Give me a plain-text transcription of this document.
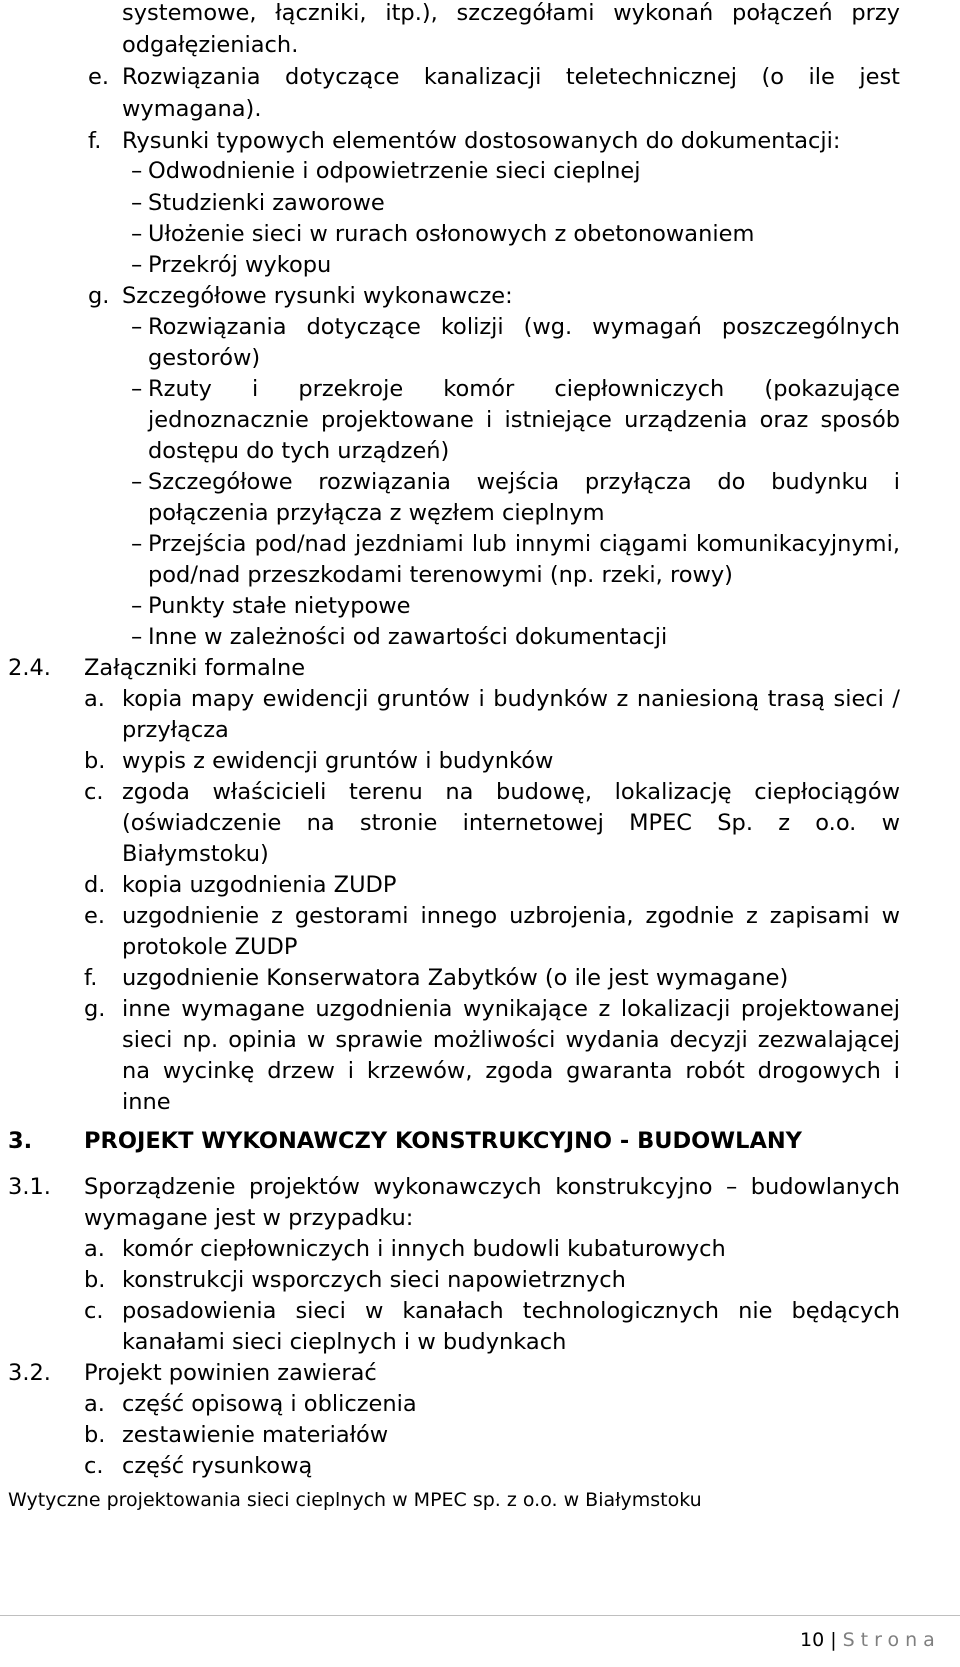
systemowe, łączniki, itp.), szczegółami wykonań połączeń przy
odgałęzieniach.
e. Rozwiązania dotyczące kanalizacji teletechnicznej (o ile jest
wymagana).
f. Rysunki typowych elementów dostosowanych do dokumentacji:
– Odwodnienie i odpowietrzenie sieci cieplnej
– Studzienki zaworowe
– Ułożenie sieci w rurach osłonowych z obetonowaniem
– Przekrój wykopu
g. Szczegółowe rysunki wykonawcze:
– Rozwiązania dotyczące kolizji (wg. wymagań poszczególnych
gestorów)
– Rzuty i przekroje komór ciepłowniczych (pokazujące
jednoznacznie projektowane i istniejące urządzenia oraz sposób
dostępu do tych urządzeń)
– Szczegółowe rozwiązania wejścia przyłącza do budynku i
połączenia przyłącza z węzłem cieplnym
– Przejścia pod/nad jezdniami lub innymi ciągami komunikacyjnymi,
pod/nad przeszkodami terenowymi (np. rzeki, rowy)
– Punkty stałe nietypowe
– Inne w zależności od zawartości dokumentacji
2.4. Załączniki formalne
a. kopia mapy ewidencji gruntów i budynków z naniesioną trasą sieci /
przyłącza
b. wypis z ewidencji gruntów i budynków
c. zgoda właścicieli terenu na budowę, lokalizację ciepłociągów
(oświadczenie na stronie internetowej MPEC Sp. z o.o. w
Białymstoku)
d. kopia uzgodnienia ZUDP
e. uzgodnienie z gestorami innego uzbrojenia, zgodnie z zapisami w
protokole ZUDP
f. uzgodnienie Konserwatora Zabytków (o ile jest wymagane)
g. inne wymagane uzgodnienia wynikające z lokalizacji projektowanej
sieci np. opinia w sprawie możliwości wydania decyzji zezwalającej
na wycinkę drzew i krzewów, zgoda gwaranta robót drogowych i
inne
3. PROJEKT WYKONAWCZY KONSTRUKCYJNO - BUDOWLANY
3.1. Sporządzenie projektów wykonawczych konstrukcyjno – budowlanych
wymagane jest w przypadku:
a. komór ciepłowniczych i innych budowli kubaturowych
b. konstrukcji wsporczych sieci napowietrznych
c. posadowienia sieci w kanałach technologicznych nie będących
kanałami sieci cieplnych i w budynkach
3.2. Projekt powinien zawierać
a. część opisową i obliczenia
b. zestawienie materiałów
c. część rysunkową
Wytyczne projektowania sieci cieplnych w MPEC sp. z o.o. w Białymstoku
10 | Strona
